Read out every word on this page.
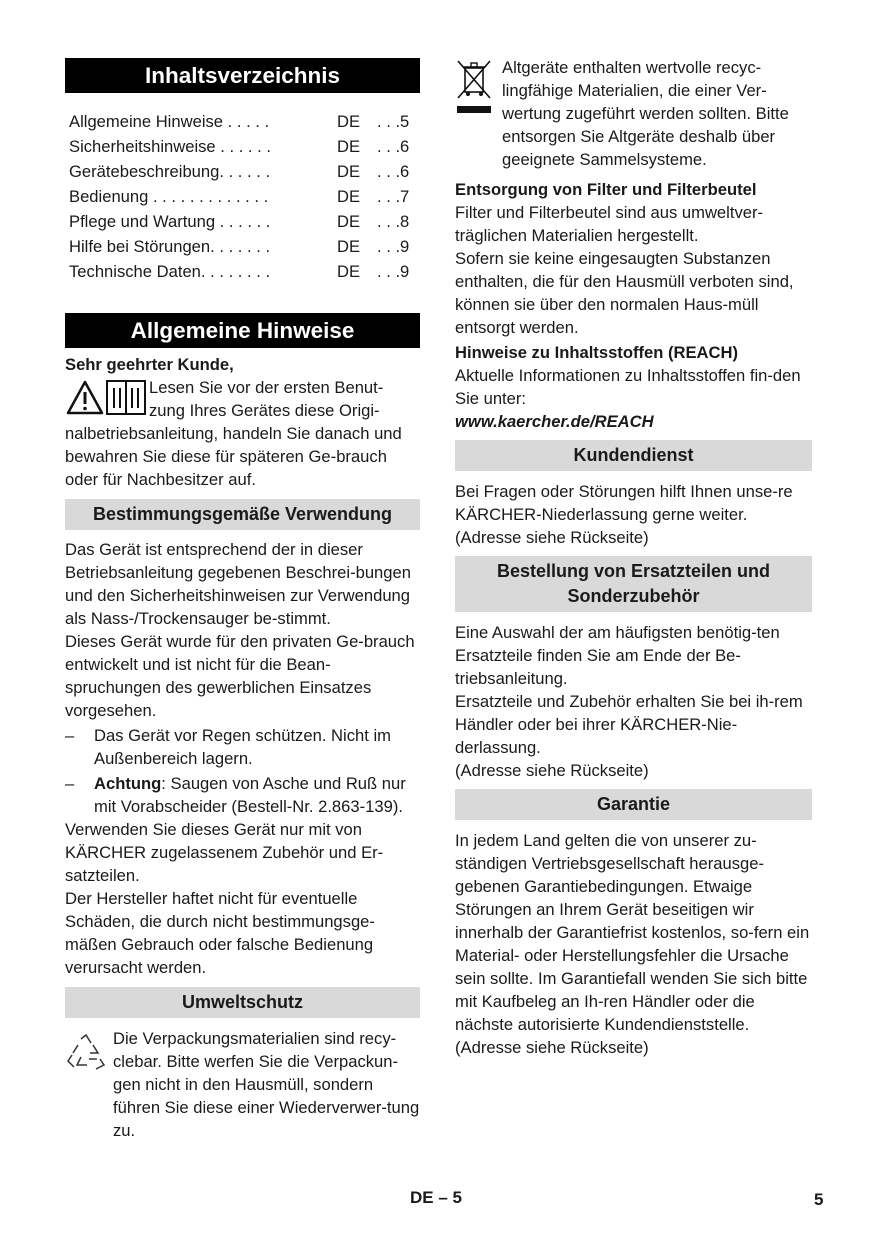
Inhaltsverzeichnis
Allgemeine Hinweise . . . . .	DE	. . .5
Sicherheitshinweise . . . . . .	DE	. . .6
Gerätebeschreibung. . . . . .	DE	. . .6
Bedienung . . . . . . . . . . . . .	DE	. . .7
Pflege und Wartung . . . . . .	DE	. . .8
Hilfe bei Störungen. . . . . . .	DE	. . .9
Technische Daten. . . . . . . .	DE	. . .9
Allgemeine Hinweise

Sehr geehrter Kunde,

Lesen Sie vor der ersten Benut-

zung Ihres Gerätes diese Origi-

nalbetriebsanleitung, handeln Sie danach und bewahren Sie diese für späteren Ge-brauch oder für Nachbesitzer auf.

Bestimmungsgemäße Verwendung

Das Gerät ist entsprechend der in dieser Betriebsanleitung gegebenen Beschrei-bungen und den Sicherheitshinweisen zur Verwendung als Nass-/Trockensauger be-stimmt.

Dieses Gerät wurde für den privaten Ge-brauch entwickelt und ist nicht für die Bean-spruchungen des gewerblichen Einsatzes vorgesehen.

–	Das Gerät vor Regen schützen. Nicht im Außenbereich lagern.
–	Achtung: Saugen von Asche und Ruß nur mit Vorabscheider (Bestell-Nr. 2.863-139).

Verwenden Sie dieses Gerät nur mit von KÄRCHER zugelassenem Zubehör und Er-satzteilen.

Der Hersteller haftet nicht für eventuelle Schäden, die durch nicht bestimmungsge-mäßen Gebrauch oder falsche Bedienung verursacht werden.

Umweltschutz

Die Verpackungsmaterialien sind recy-clebar. Bitte werfen Sie die Verpackun-gen nicht in den Hausmüll, sondern führen Sie diese einer Wiederverwer-tung zu.

Altgeräte enthalten wertvolle recyc-lingfähige Materialien, die einer Ver-wertung zugeführt werden sollten. Bitte entsorgen Sie Altgeräte deshalb über geeignete Sammelsysteme.

Entsorgung von Filter und Filterbeutel

Filter und Filterbeutel sind aus umweltver-träglichen Materialien hergestellt.

Sofern sie keine eingesaugten Substanzen enthalten, die für den Hausmüll verboten sind, können sie über den normalen Haus-müll entsorgt werden.

Hinweise zu Inhaltsstoffen (REACH)

Aktuelle Informationen zu Inhaltsstoffen fin-den Sie unter:

www.kaercher.de/REACH

Kundendienst

Bei Fragen oder Störungen hilft Ihnen unse-re KÄRCHER-Niederlassung gerne weiter.

(Adresse siehe Rückseite)

Bestellung von Ersatzteilen und Sonderzubehör

Eine Auswahl der am häufigsten benötig-ten Ersatzteile finden Sie am Ende der Be-triebsanleitung.

Ersatzteile und Zubehör erhalten Sie bei ih-rem Händler oder bei ihrer KÄRCHER-Nie-derlassung.

(Adresse siehe Rückseite)

Garantie

In jedem Land gelten die von unserer zu-ständigen Vertriebsgesellschaft herausge-gebenen Garantiebedingungen. Etwaige Störungen an Ihrem Gerät beseitigen wir innerhalb der Garantiefrist kostenlos, so-fern ein Material- oder Herstellungsfehler die Ursache sein sollte. Im Garantiefall wenden Sie sich bitte mit Kaufbeleg an Ih-ren Händler oder die nächste autorisierte Kundendienststelle.

(Adresse siehe Rückseite)

DE – 5	5
